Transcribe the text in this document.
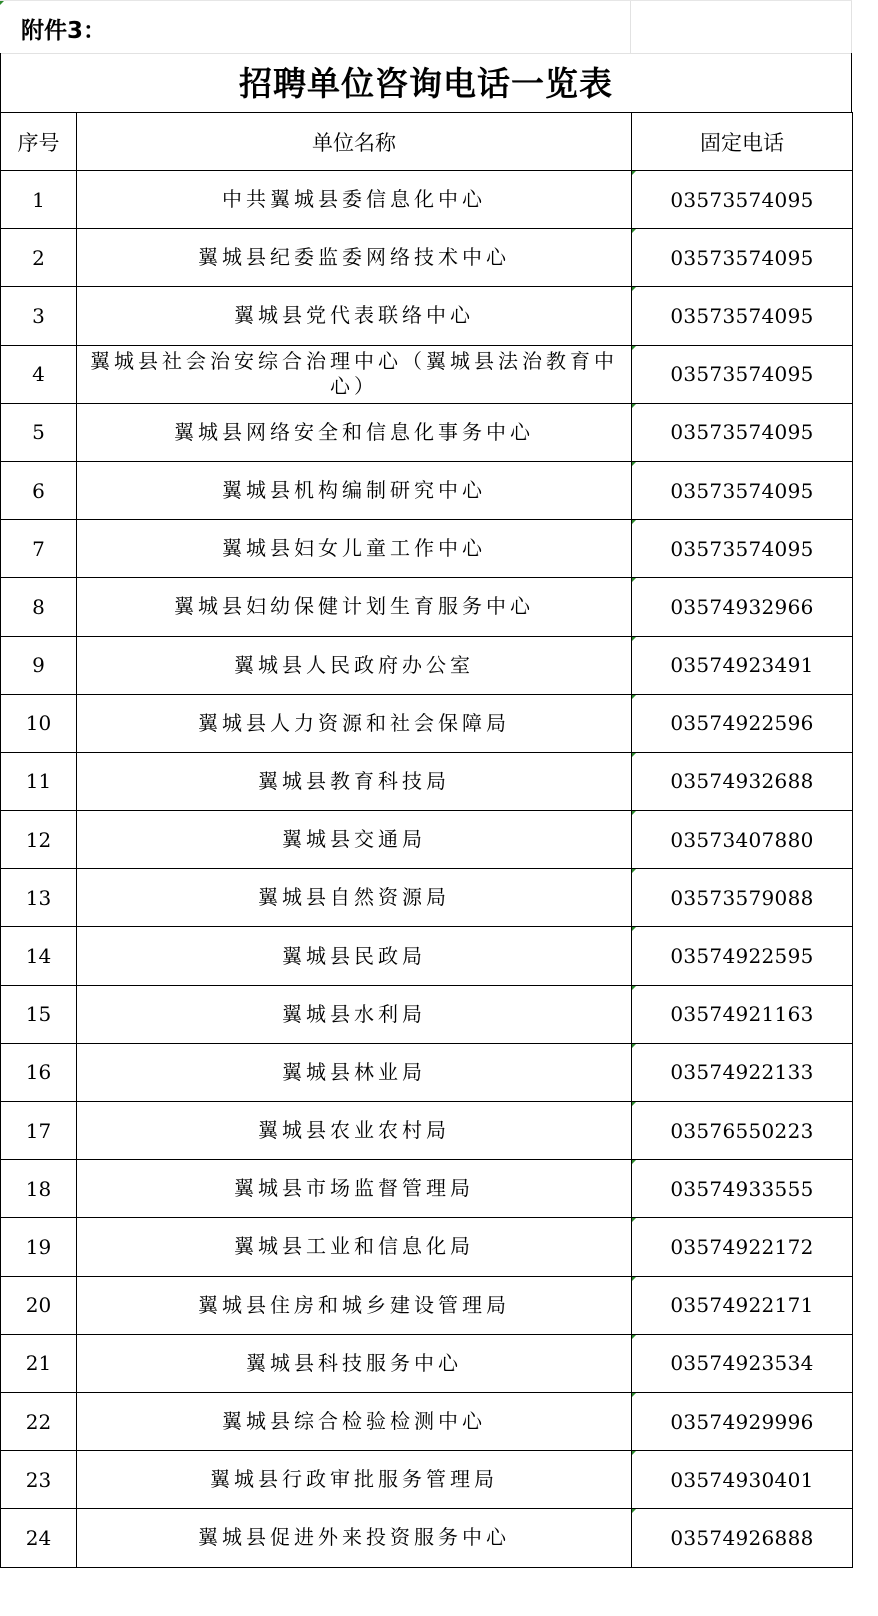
附件3：
招聘单位咨询电话一览表
序号	单位名称	固定电话
1	中共翼城县委信息化中心	03573574095
2	翼城县纪委监委网络技术中心	03573574095
3	翼城县党代表联络中心	03573574095
4	翼城县社会治安综合治理中心（翼城县法治教育中心）	03573574095
5	翼城县网络安全和信息化事务中心	03573574095
6	翼城县机构编制研究中心	03573574095
7	翼城县妇女儿童工作中心	03573574095
8	翼城县妇幼保健计划生育服务中心	03574932966
9	翼城县人民政府办公室	03574923491
10	翼城县人力资源和社会保障局	03574922596
11	翼城县教育科技局	03574932688
12	翼城县交通局	03573407880
13	翼城县自然资源局	03573579088
14	翼城县民政局	03574922595
15	翼城县水利局	03574921163
16	翼城县林业局	03574922133
17	翼城县农业农村局	03576550223
18	翼城县市场监督管理局	03574933555
19	翼城县工业和信息化局	03574922172
20	翼城县住房和城乡建设管理局	03574922171
21	翼城县科技服务中心	03574923534
22	翼城县综合检验检测中心	03574929996
23	翼城县行政审批服务管理局	03574930401
24	翼城县促进外来投资服务中心	03574926888
